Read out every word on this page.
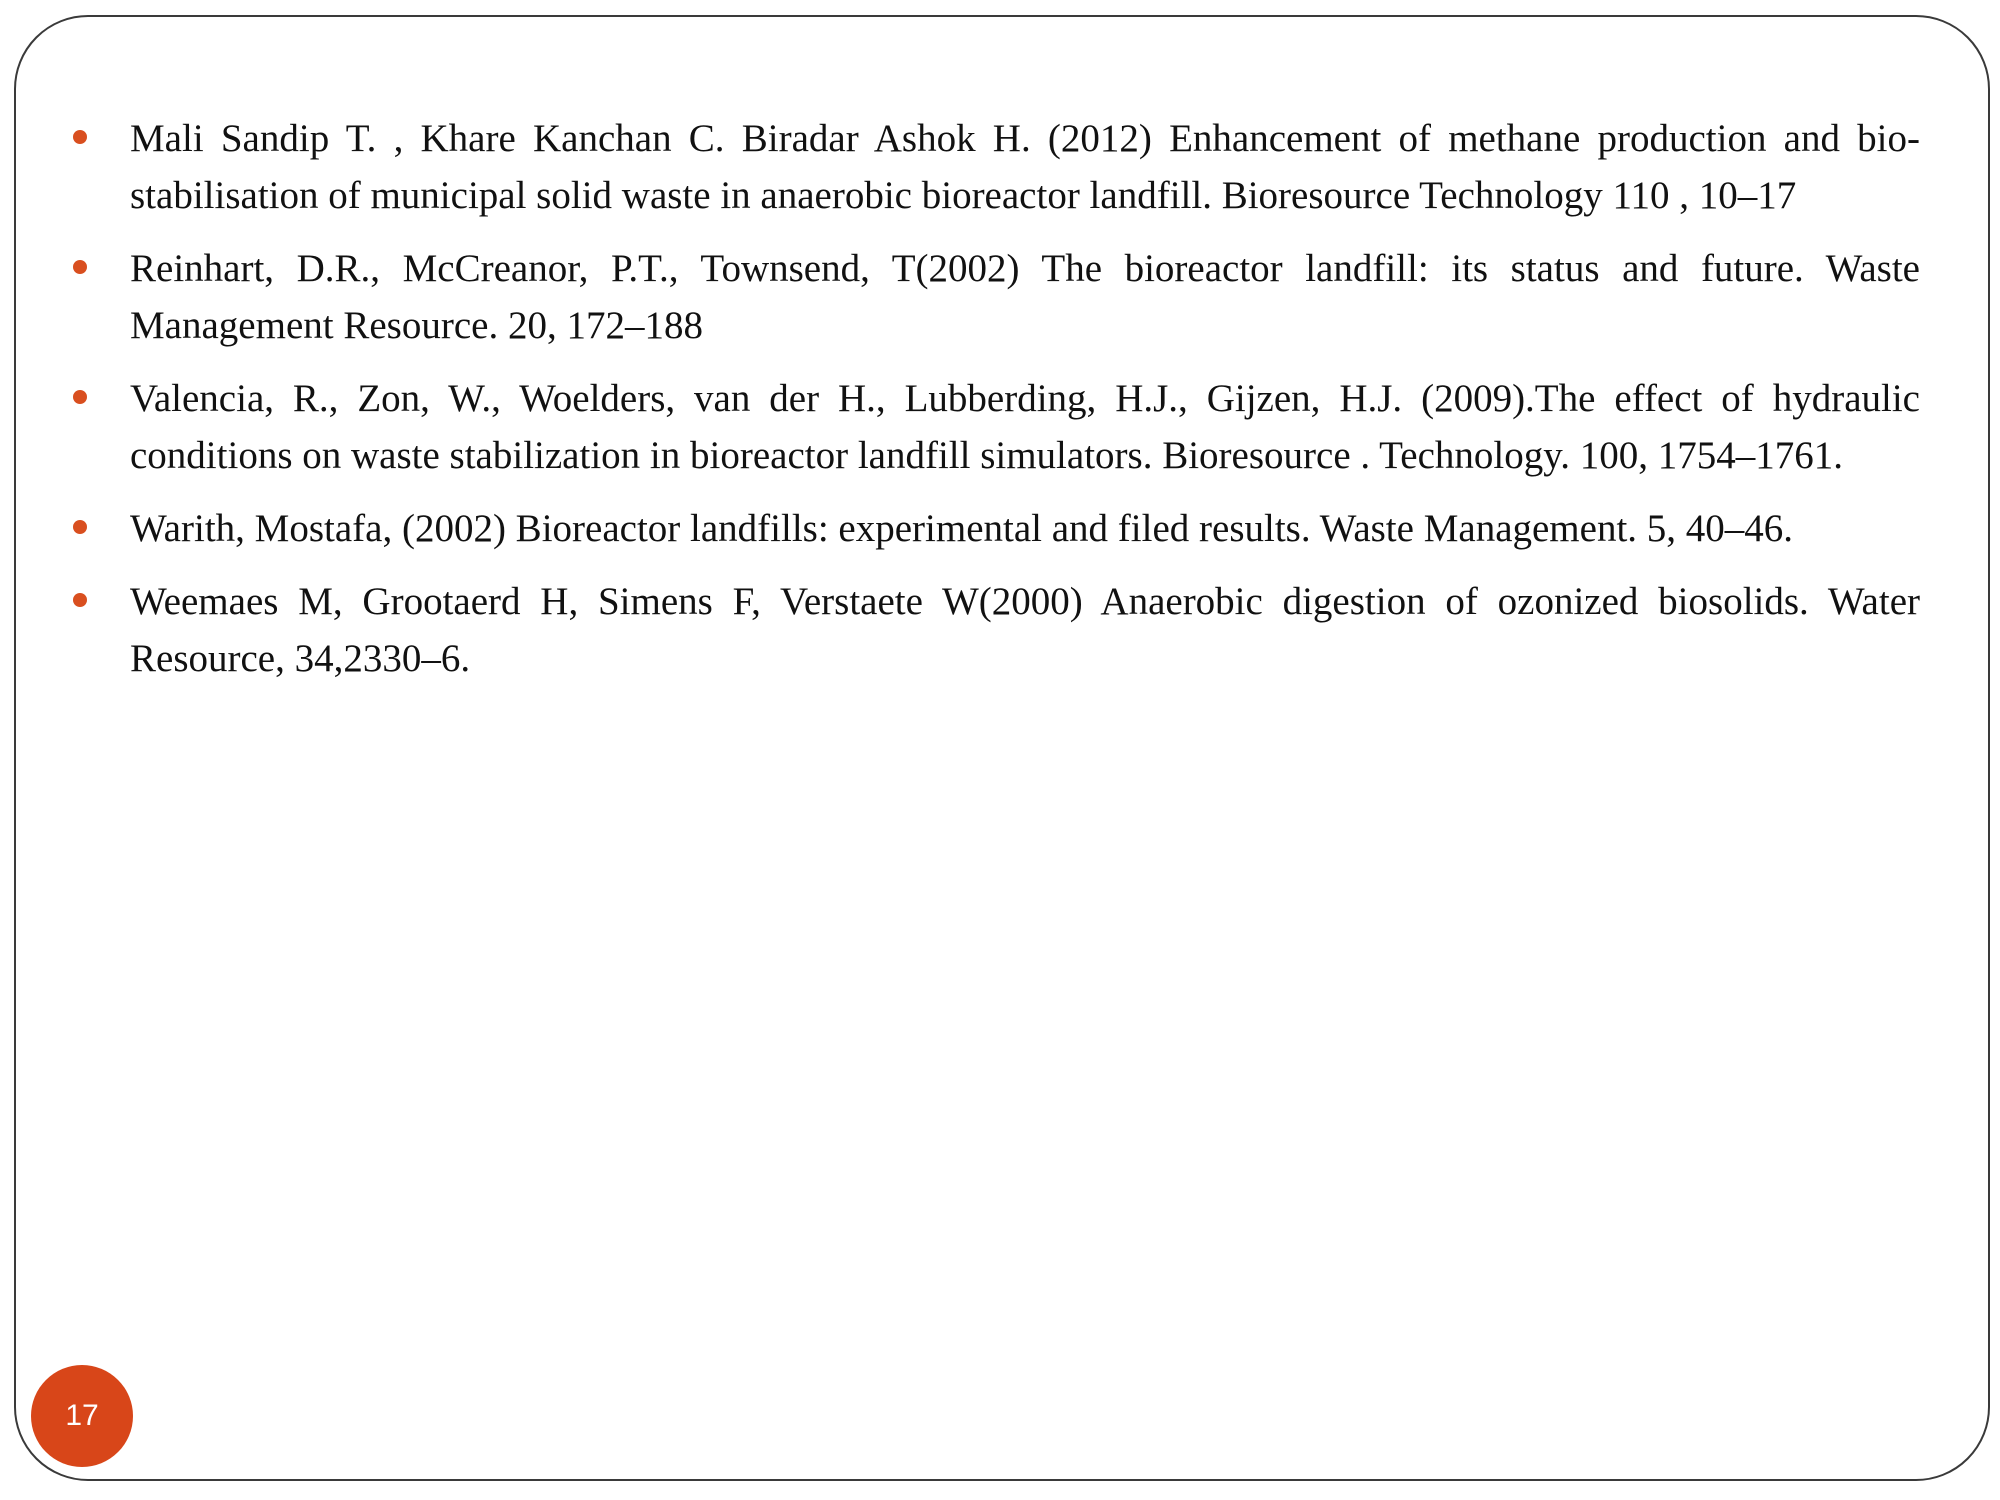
Mali Sandip T. , Khare Kanchan C. Biradar Ashok H. (2012) Enhancement of methane production and bio-stabilisation of municipal solid waste in anaerobic bioreactor landfill. Bioresource Technology 110 , 10–17
Reinhart, D.R., McCreanor, P.T., Townsend, T(2002) The bioreactor landfill: its status and future. Waste Management Resource. 20, 172–188
Valencia, R., Zon, W., Woelders, van der H., Lubberding, H.J., Gijzen, H.J. (2009).The effect of hydraulic conditions on waste stabilization in bioreactor landfill simulators. Bioresource . Technology. 100, 1754–1761.
Warith, Mostafa, (2002) Bioreactor landfills: experimental and filed results. Waste Management. 5, 40–46.
Weemaes M, Grootaerd H, Simens F, Verstaete W(2000) Anaerobic digestion of ozonized biosolids. Water Resource, 34,2330–6.
17
